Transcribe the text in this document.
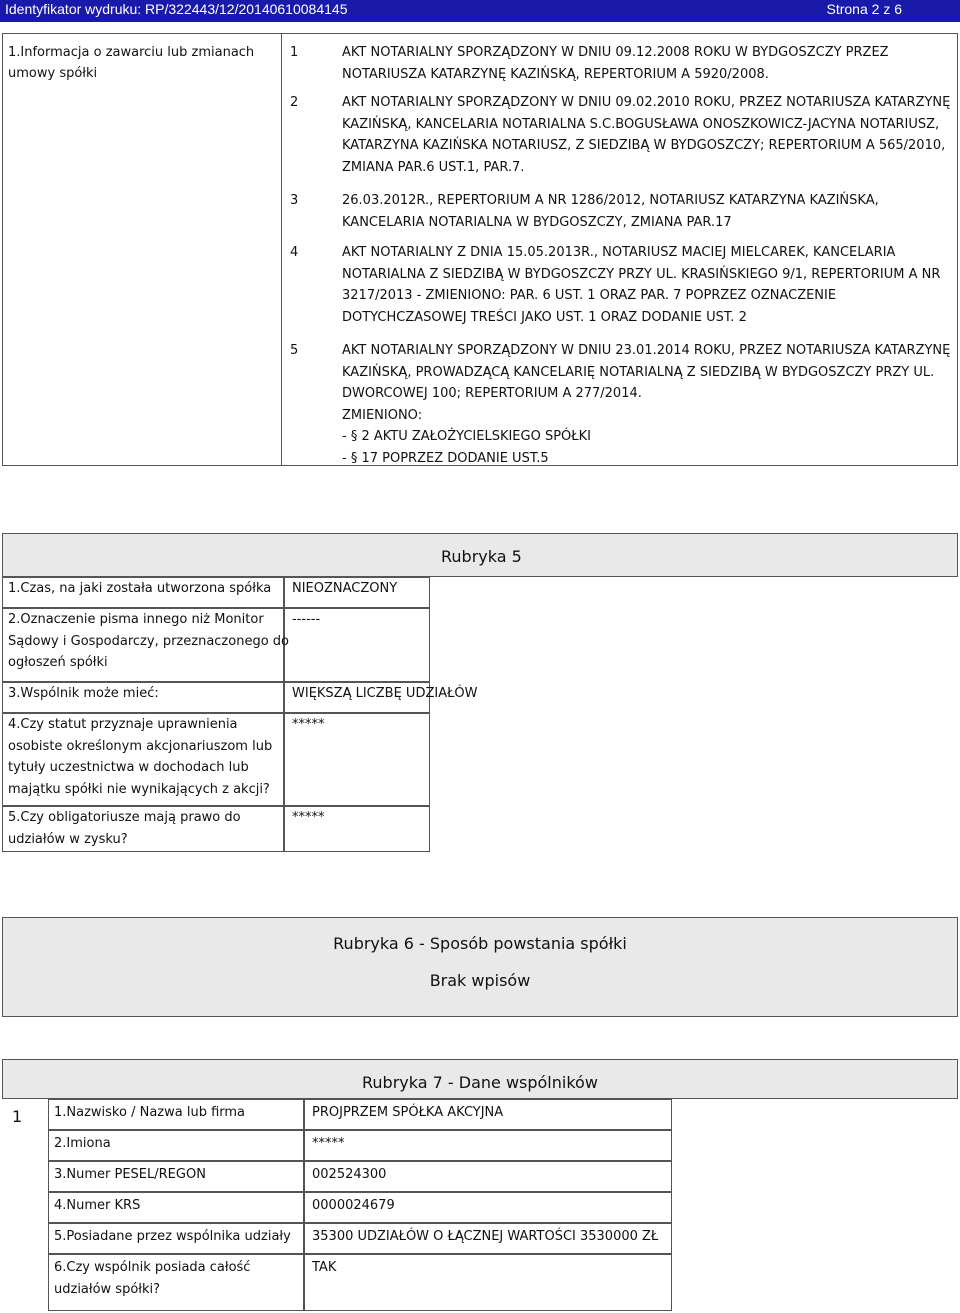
Identyfikator wydruku: RP/322443/12/20140610084145	Strona 2 z 6
1.Informacja o zawarciu lub zmianach
umowy spółki
1	AKT NOTARIALNY SPORZĄDZONY W DNIU 09.12.2008 ROKU W BYDGOSZCZY PRZEZ
NOTARIUSZA KATARZYNĘ KAZIŃSKĄ, REPERTORIUM A 5920/2008.
2	AKT NOTARIALNY SPORZĄDZONY W DNIU 09.02.2010 ROKU, PRZEZ NOTARIUSZA KATARZYNĘ
KAZIŃSKĄ, KANCELARIA NOTARIALNA S.C.BOGUSŁAWA ONOSZKOWICZ-JACYNA NOTARIUSZ,
KATARZYNA KAZIŃSKA NOTARIUSZ, Z SIEDZIBĄ W BYDGOSZCZY; REPERTORIUM A 565/2010,
ZMIANA PAR.6 UST.1, PAR.7.
3	26.03.2012R., REPERTORIUM A NR 1286/2012, NOTARIUSZ KATARZYNA KAZIŃSKA,
KANCELARIA NOTARIALNA W BYDGOSZCZY, ZMIANA PAR.17
4	AKT NOTARIALNY Z DNIA 15.05.2013R., NOTARIUSZ MACIEJ MIELCAREK, KANCELARIA
NOTARIALNA Z SIEDZIBĄ W BYDGOSZCZY PRZY UL. KRASIŃSKIEGO 9/1, REPERTORIUM A NR
3217/2013 - ZMIENIONO: PAR. 6 UST. 1 ORAZ PAR. 7 POPRZEZ OZNACZENIE
DOTYCHCZASOWEJ TREŚCI JAKO UST. 1 ORAZ DODANIE UST. 2
5	AKT NOTARIALNY SPORZĄDZONY W DNIU 23.01.2014 ROKU, PRZEZ NOTARIUSZA KATARZYNĘ
KAZIŃSKĄ, PROWADZĄCĄ KANCELARIĘ NOTARIALNĄ Z SIEDZIBĄ W BYDGOSZCZY PRZY UL.
DWORCOWEJ 100; REPERTORIUM A 277/2014.
ZMIENIONO:
- § 2 AKTU ZAŁOŻYCIELSKIEGO SPÓŁKI
- § 17 POPRZEZ DODANIE UST.5
Rubryka 5
1.Czas, na jaki została utworzona spółka NIEOZNACZONY
2.Oznaczenie pisma innego niż Monitor
Sądowy i Gospodarczy, przeznaczonego do
ogłoszeń spółki
------
3.Wspólnik może mieć:	WIĘKSZĄ LICZBĘ UDZIAŁÓW
4.Czy statut przyznaje uprawnienia
osobiste określonym akcjonariuszom lub
tytuły uczestnictwa w dochodach lub
majątku spółki nie wynikających z akcji?
*****
5.Czy obligatoriusze mają prawo do
udziałów w zysku?
*****
Rubryka 6 - Sposób powstania spółki
Brak wpisów
Rubryka 7 - Dane wspólników
1 1.Nazwisko / Nazwa lub firma	PROJPRZEM SPÓŁKA AKCYJNA
2.Imiona	*****
3.Numer PESEL/REGON	002524300
4.Numer KRS	0000024679
5.Posiadane przez wspólnika udziały 35300 UDZIAŁÓW O ŁĄCZNEJ WARTOŚCI 3530000 ZŁ
6.Czy wspólnik posiada całość
udziałów spółki?
TAK
